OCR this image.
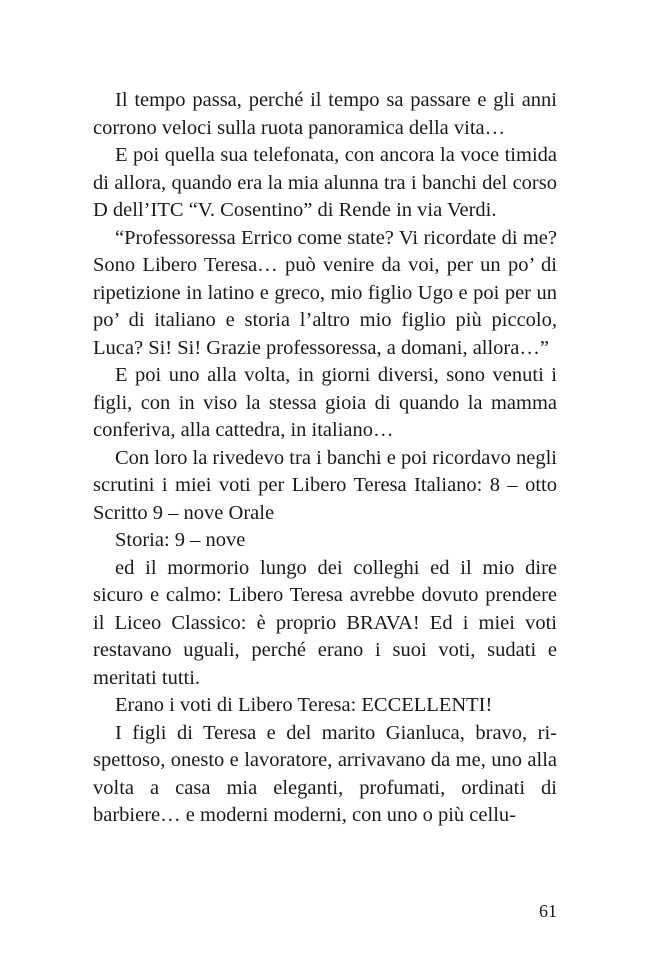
Il tempo passa, perché il tempo sa passare e gli anni corrono veloci sulla ruota panoramica della vita…

E poi quella sua telefonata, con ancora la voce timida di allora, quando era la mia alunna tra i banchi del corso D dell’ITC “V. Cosentino” di Rende in via Verdi.

“Professoressa Errico come state? Vi ricordate di me? Sono Libero Teresa… può venire da voi, per un po’ di ripetizione in latino e greco, mio figlio Ugo e poi per un po’ di italiano e storia l’altro mio figlio più piccolo, Luca? Si! Si! Grazie professoressa, a domani, allora…”

E poi uno alla volta, in giorni diversi, sono venuti i figli, con in viso la stessa gioia di quando la mamma conferiva, alla cattedra, in italiano…

Con loro la rivedevo tra i banchi e poi ricordavo negli scrutini i miei voti per Libero Teresa Italiano: 8 – otto Scritto 9 – nove Orale

Storia: 9 – nove

ed il mormorio lungo dei colleghi ed il mio dire sicuro e calmo: Libero Teresa avrebbe dovuto prendere il Liceo Classico: è proprio BRAVA! Ed i miei voti restavano uguali, perché erano i suoi voti, sudati e meritati tutti.

Erano i voti di Libero Teresa: ECCELLENTI!

I figli di Teresa e del marito Gianluca, bravo, rispettoso, onesto e lavoratore, arrivavano da me, uno alla volta a casa mia eleganti, profumati, ordinati di barbiere… e moderni moderni, con uno o più cellu-

61
